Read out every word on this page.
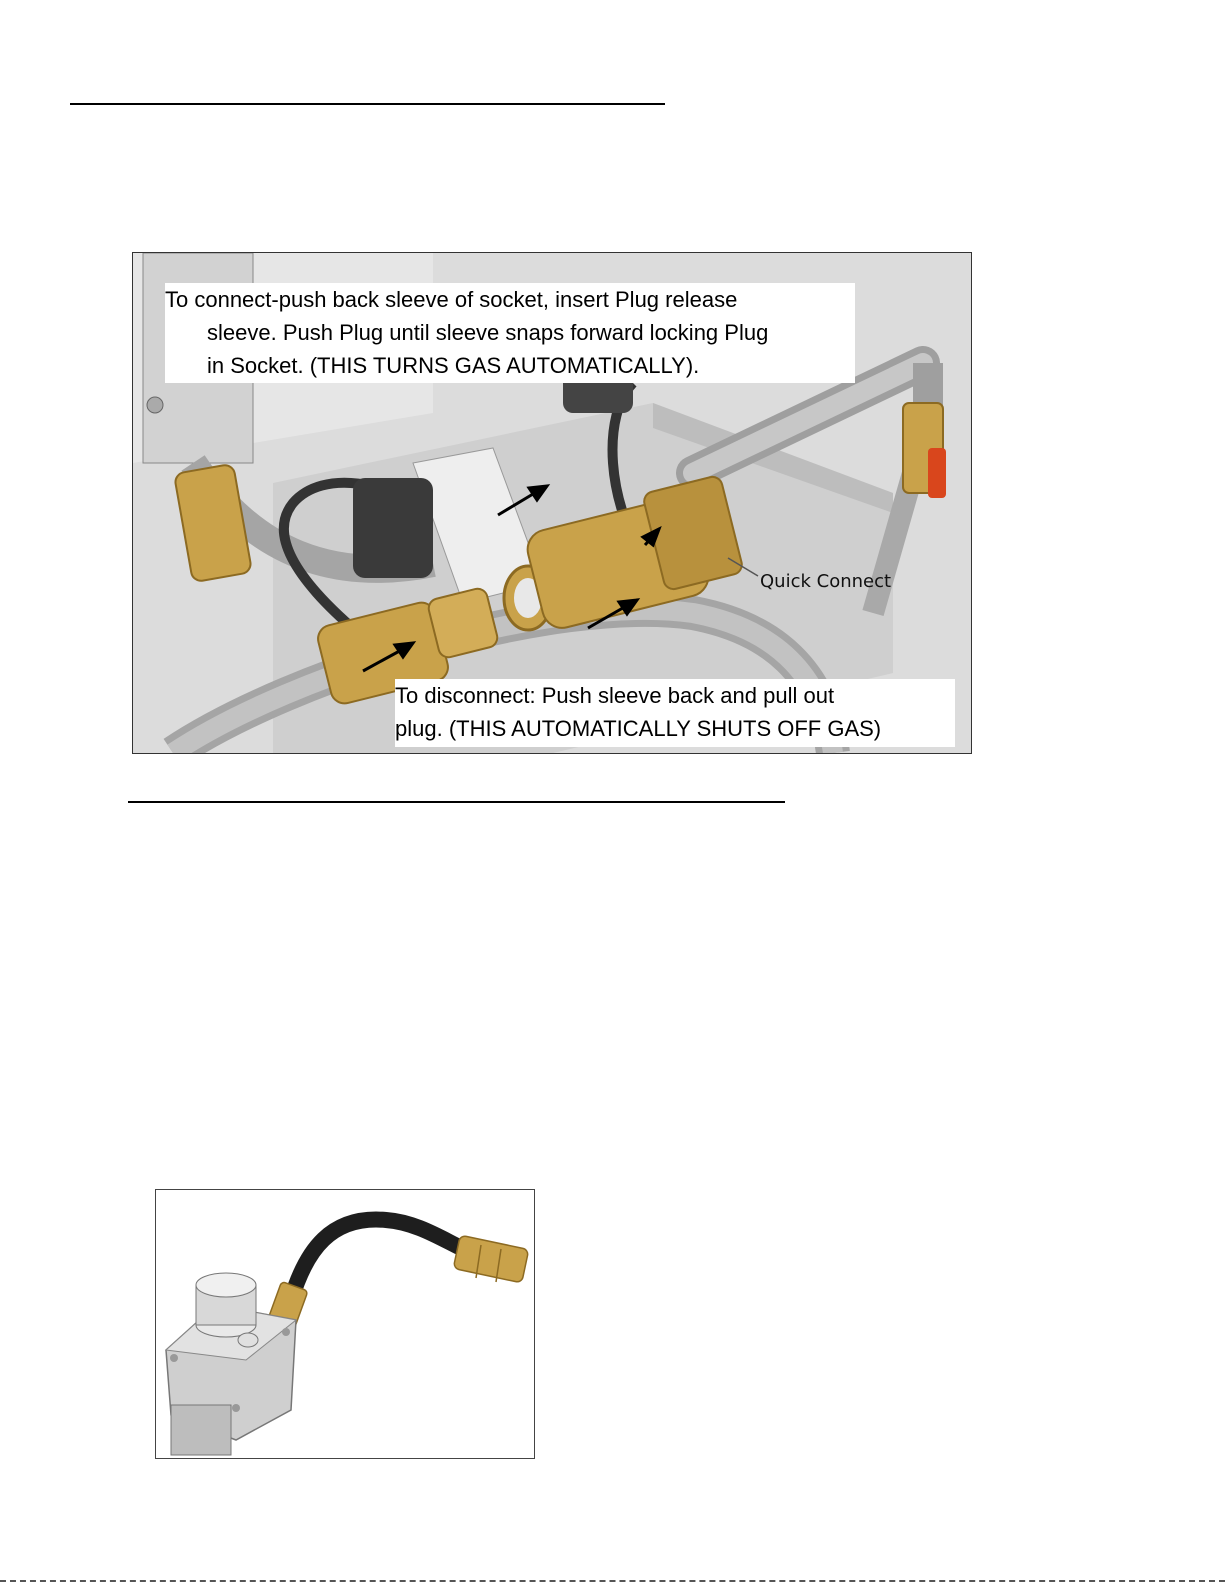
To connect-push back sleeve of socket, insert Plug release
sleeve. Push Plug until sleeve snaps forward locking Plug
in Socket. (THIS TURNS GAS AUTOMATICALLY).
Quick Connect
To disconnect: Push sleeve back and pull out
plug. (THIS AUTOMATICALLY SHUTS OFF GAS)
